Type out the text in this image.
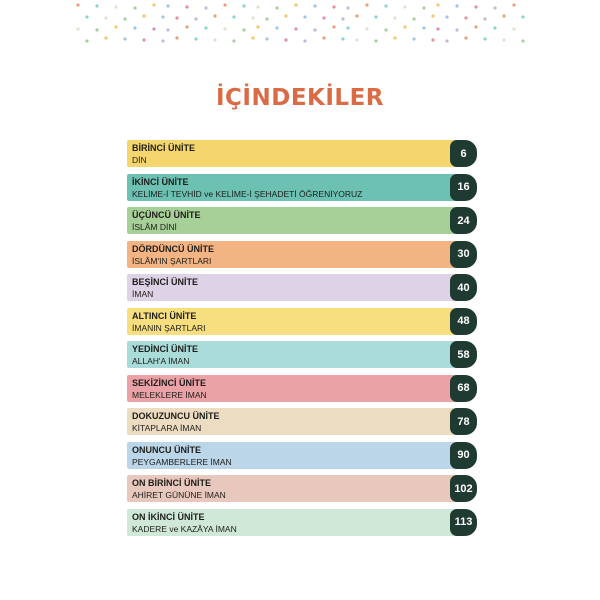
İÇİNDEKİLER
BİRİNCİ ÜNİTE
DİN
6
İKİNCİ ÜNİTE
KELİME-İ TEVHİD ve KELİME-İ ŞEHADETİ ÖĞRENİYORUZ
16
ÜÇÜNCÜ ÜNİTE
İSLÂM DİNİ
24
DÖRDÜNCÜ ÜNİTE
İSLÂM'IN ŞARTLARI
30
BEŞİNCİ ÜNİTE
İMAN
40
ALTINCI ÜNİTE
İMANIN ŞARTLARI
48
YEDİNCİ ÜNİTE
ALLAH'A İMAN
58
SEKİZİNCİ ÜNİTE
MELEKLERE İMAN
68
DOKUZUNCU ÜNİTE
KİTAPLARA İMAN
78
ONUNCU ÜNİTE
PEYGAMBERLERE İMAN
90
ON BİRİNCİ ÜNİTE
AHİRET GÜNÜNE İMAN
102
ON İKİNCİ ÜNİTE
KADERE ve KAZÂYA İMAN
113
